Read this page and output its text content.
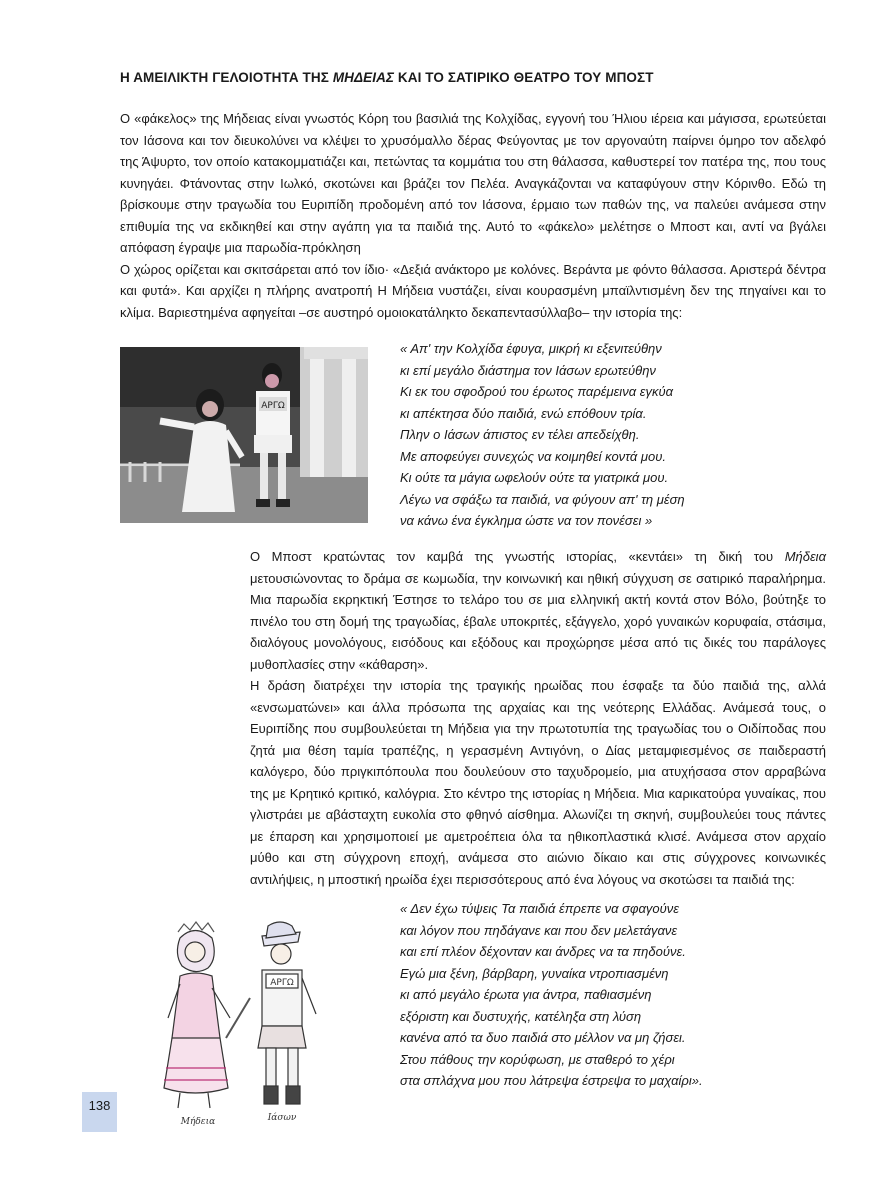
Η ΑΜΕΙΛΙΚΤΗ ΓΕΛΟΙΟΤΗΤΑ ΤΗΣ ΜΗΔΕΙΑΣ ΚΑΙ ΤΟ ΣΑΤΙΡΙΚΟ ΘΕΑΤΡΟ ΤΟΥ ΜΠΟΣΤ

Ο «φάκελος» της Μήδειας είναι γνωστός Κόρη του βασιλιά της Κολχίδας, εγγονή του Ήλιου ιέρεια και μάγισσα, ερωτεύεται τον Ιάσονα και τον διευκολύνει να κλέψει το χρυσόμαλλο δέρας Φεύγοντας με τον αργοναύτη παίρνει όμηρο τον αδελφό της Άψυρτο, τον οποίο κατακομματιάζει και, πετώντας τα κομμάτια του στη θάλασσα, καθυστερεί τον πατέρα της, που τους κυνηγάει. Φτάνοντας στην Ιωλκό, σκοτώνει και βράζει τον Πελέα. Αναγκάζονται να καταφύγουν στην Κόρινθο. Εδώ τη βρίσκουμε στην τραγωδία του Ευριπίδη προδομένη από τον Ιάσονα, έρμαιο των παθών της, να παλεύει ανάμεσα στην επιθυμία της να εκδικηθεί και στην αγάπη για τα παιδιά της. Αυτό το «φάκελο» μελέτησε ο Μποστ και, αντί να βγάλει απόφαση έγραψε μια παρωδία-πρόκληση

Ο χώρος ορίζεται και σκιτσάρεται από τον ίδιο· «Δεξιά ανάκτορο με κολόνες. Βεράντα με φόντο θάλασσα. Αριστερά δέντρα και φυτά». Και αρχίζει η πλήρης ανατροπή Η Μήδεια νυστάζει, είναι κουρασμένη μπαϊλντισμένη δεν της πηγαίνει και το κλίμα. Βαριεστημένα αφηγείται –σε αυστηρό ομοιοκατάληκτο δεκαπεντασύλλαβο– την ιστορία της:

ΑΡΓΩ
« Απ' την Κολχίδα έφυγα, μικρή κι εξενιτεύθην
κι επί μεγάλο διάστημα τον Ιάσων ερωτεύθην
Κι εκ του σφοδρού του έρωτος παρέμεινα εγκύα
κι απέκτησα δύο παιδιά, ενώ επόθουν τρία.
Πλην ο Ιάσων άπιστος εν τέλει απεδείχθη.
Με αποφεύγει συνεχώς να κοιμηθεί κοντά μου.
Κι ούτε τα μάγια ωφελούν ούτε τα γιατρικά μου.
Λέγω να σφάξω τα παιδιά, να φύγουν απ' τη μέση
να κάνω ένα έγκλημα ώστε να τον πονέσει »

Ο Μποστ κρατώντας τον καμβά της γνωστής ιστορίας, «κεντάει» τη δική του Μήδεια μετουσιώνοντας το δράμα σε κωμωδία, την κοινωνική και ηθική σύγχυση σε σατιρικό παραλήρημα. Μια παρωδία εκρηκτική Έστησε το τελάρο του σε μια ελληνική ακτή κοντά στον Βόλο, βούτηξε το πινέλο του στη δομή της τραγωδίας, έβαλε υποκριτές, εξάγγελο, χορό γυναικών κορυφαία, στάσιμα, διαλόγους μονολόγους, εισόδους και εξόδους και προχώρησε μέσα από τις δικές του παράλογες μυθοπλασίες στην «κάθαρση».

Η δράση διατρέχει την ιστορία της τραγικής ηρωίδας που έσφαξε τα δύο παιδιά της, αλλά «ενσωματώνει» και άλλα πρόσωπα της αρχαίας και της νεότερης Ελλάδας. Ανάμεσά τους, ο Ευριπίδης που συμβουλεύεται τη Μήδεια για την πρωτοτυπία της τραγωδίας του ο Οιδίποδας που ζητά μια θέση ταμία τραπέζης, η γερασμένη Αντιγόνη, ο Δίας μεταμφιεσμένος σε παιδεραστή καλόγερο, δύο πριγκιπόπουλα που δουλεύουν στο ταχυδρομείο, μια ατυχήσασα στον αρραβώνα της με Κρητικό κριτικό, καλόγρια. Στο κέντρο της ιστορίας η Μήδεια. Μια καρικατούρα γυναίκας, που γλιστράει με αβάσταχτη ευκολία στο φθηνό αίσθημα. Αλωνίζει τη σκηνή, συμβουλεύει τους πάντες με έπαρση και χρησιμοποιεί με αμετροέπεια όλα τα ηθικοπλαστικά κλισέ. Ανάμεσα στον αρχαίο μύθο και στη σύγχρονη εποχή, ανάμεσα στο αιώνιο δίκαιο και στις σύγχρονες κοινωνικές αντιλήψεις, η μποστική ηρωίδα έχει περισσότερους από ένα λόγους να σκοτώσει τα παιδιά της:

« Δεν έχω τύψεις Τα παιδιά έπρεπε να σφαγούνε
και λόγον που πηδάγανε και που δεν μελετάγανε
και επί πλέον δέχονταν και άνδρες να τα πηδούνε.
Εγώ μια ξένη, βάρβαρη, γυναίκα ντροπιασμένη
κι από μεγάλο έρωτα για άντρα, παθιασμένη
εξόριστη και δυστυχής, κατέληξα στη λύση
κανένα από τα δυο παιδιά στο μέλλον να μη ζήσει.
Στου πάθους την κορύφωση, με σταθερό το χέρι
στα σπλάχνα μου που λάτρεψα έστρεψα το μαχαίρι».
ΑΡΓΩ
Μήδεια	Ιάσων
138
